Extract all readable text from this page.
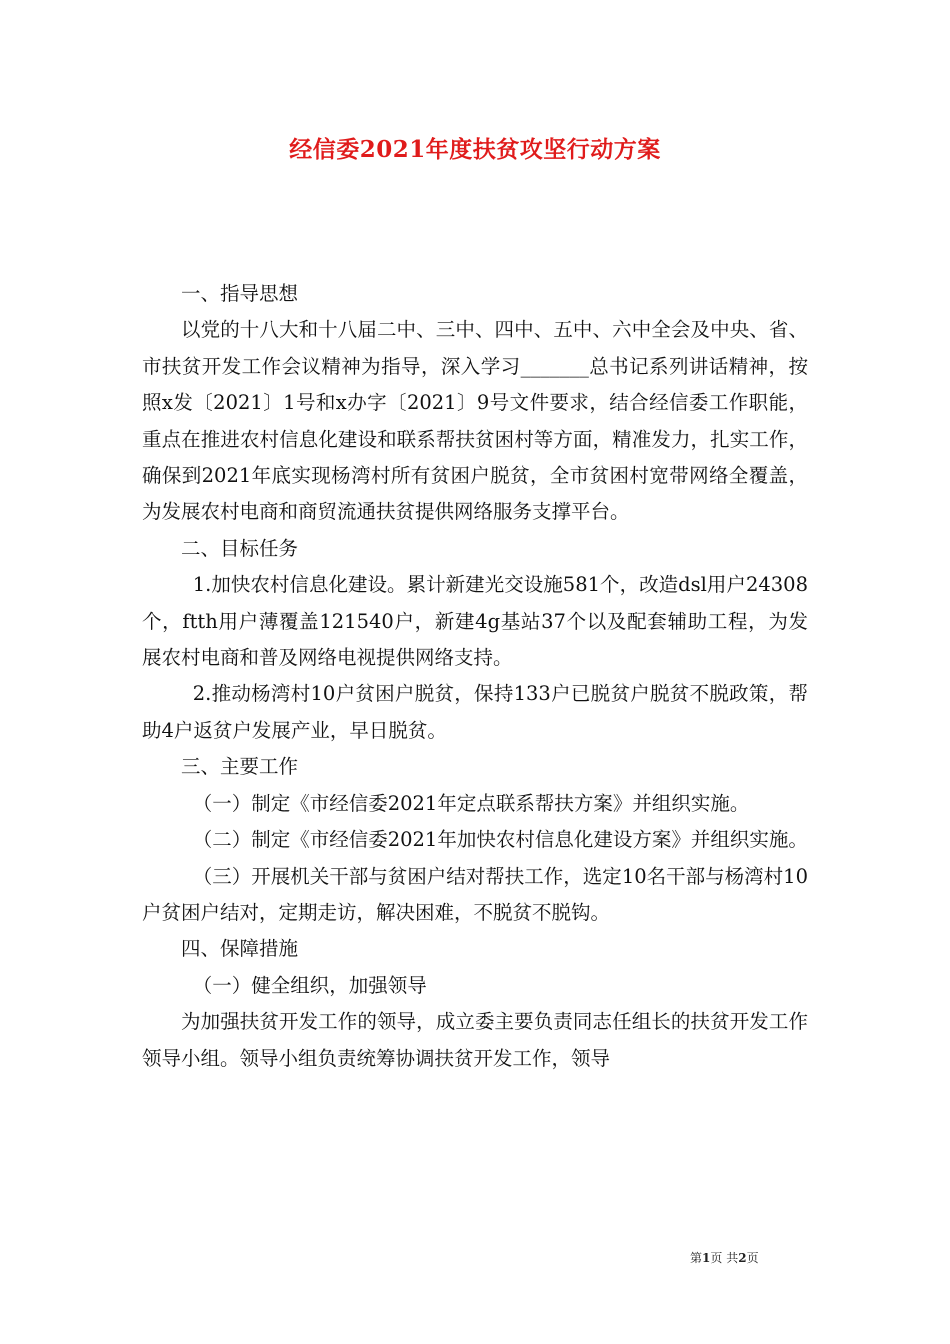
经信委2021年度扶贫攻坚行动方案

一、指导思想

以党的十八大和十八届二中、三中、四中、五中、六中全会及中央、省、市扶贫开发工作会议精神为指导，深入学习_______总书记系列讲话精神，按照x发〔2021〕1号和x办字〔2021〕9号文件要求，结合经信委工作职能，重点在推进农村信息化建设和联系帮扶贫困村等方面，精准发力，扎实工作，确保到2021年底实现杨湾村所有贫困户脱贫，全市贫困村宽带网络全覆盖，为发展农村电商和商贸流通扶贫提供网络服务支撑平台。

二、目标任务

1.加快农村信息化建设。累计新建光交设施581个，改造dsl用户24308个，ftth用户薄覆盖121540户，新建4g基站37个以及配套辅助工程，为发展农村电商和普及网络电视提供网络支持。

2.推动杨湾村10户贫困户脱贫，保持133户已脱贫户脱贫不脱政策，帮助4户返贫户发展产业，早日脱贫。

三、主要工作

（一）制定《市经信委2021年定点联系帮扶方案》并组织实施。

（二）制定《市经信委2021年加快农村信息化建设方案》并组织实施。

（三）开展机关干部与贫困户结对帮扶工作，选定10名干部与杨湾村10户贫困户结对，定期走访，解决困难，不脱贫不脱钩。

四、保障措施

（一）健全组织，加强领导

为加强扶贫开发工作的领导，成立委主要负责同志任组长的扶贫开发工作领导小组。领导小组负责统筹协调扶贫开发工作，领导

第1页 共2页
